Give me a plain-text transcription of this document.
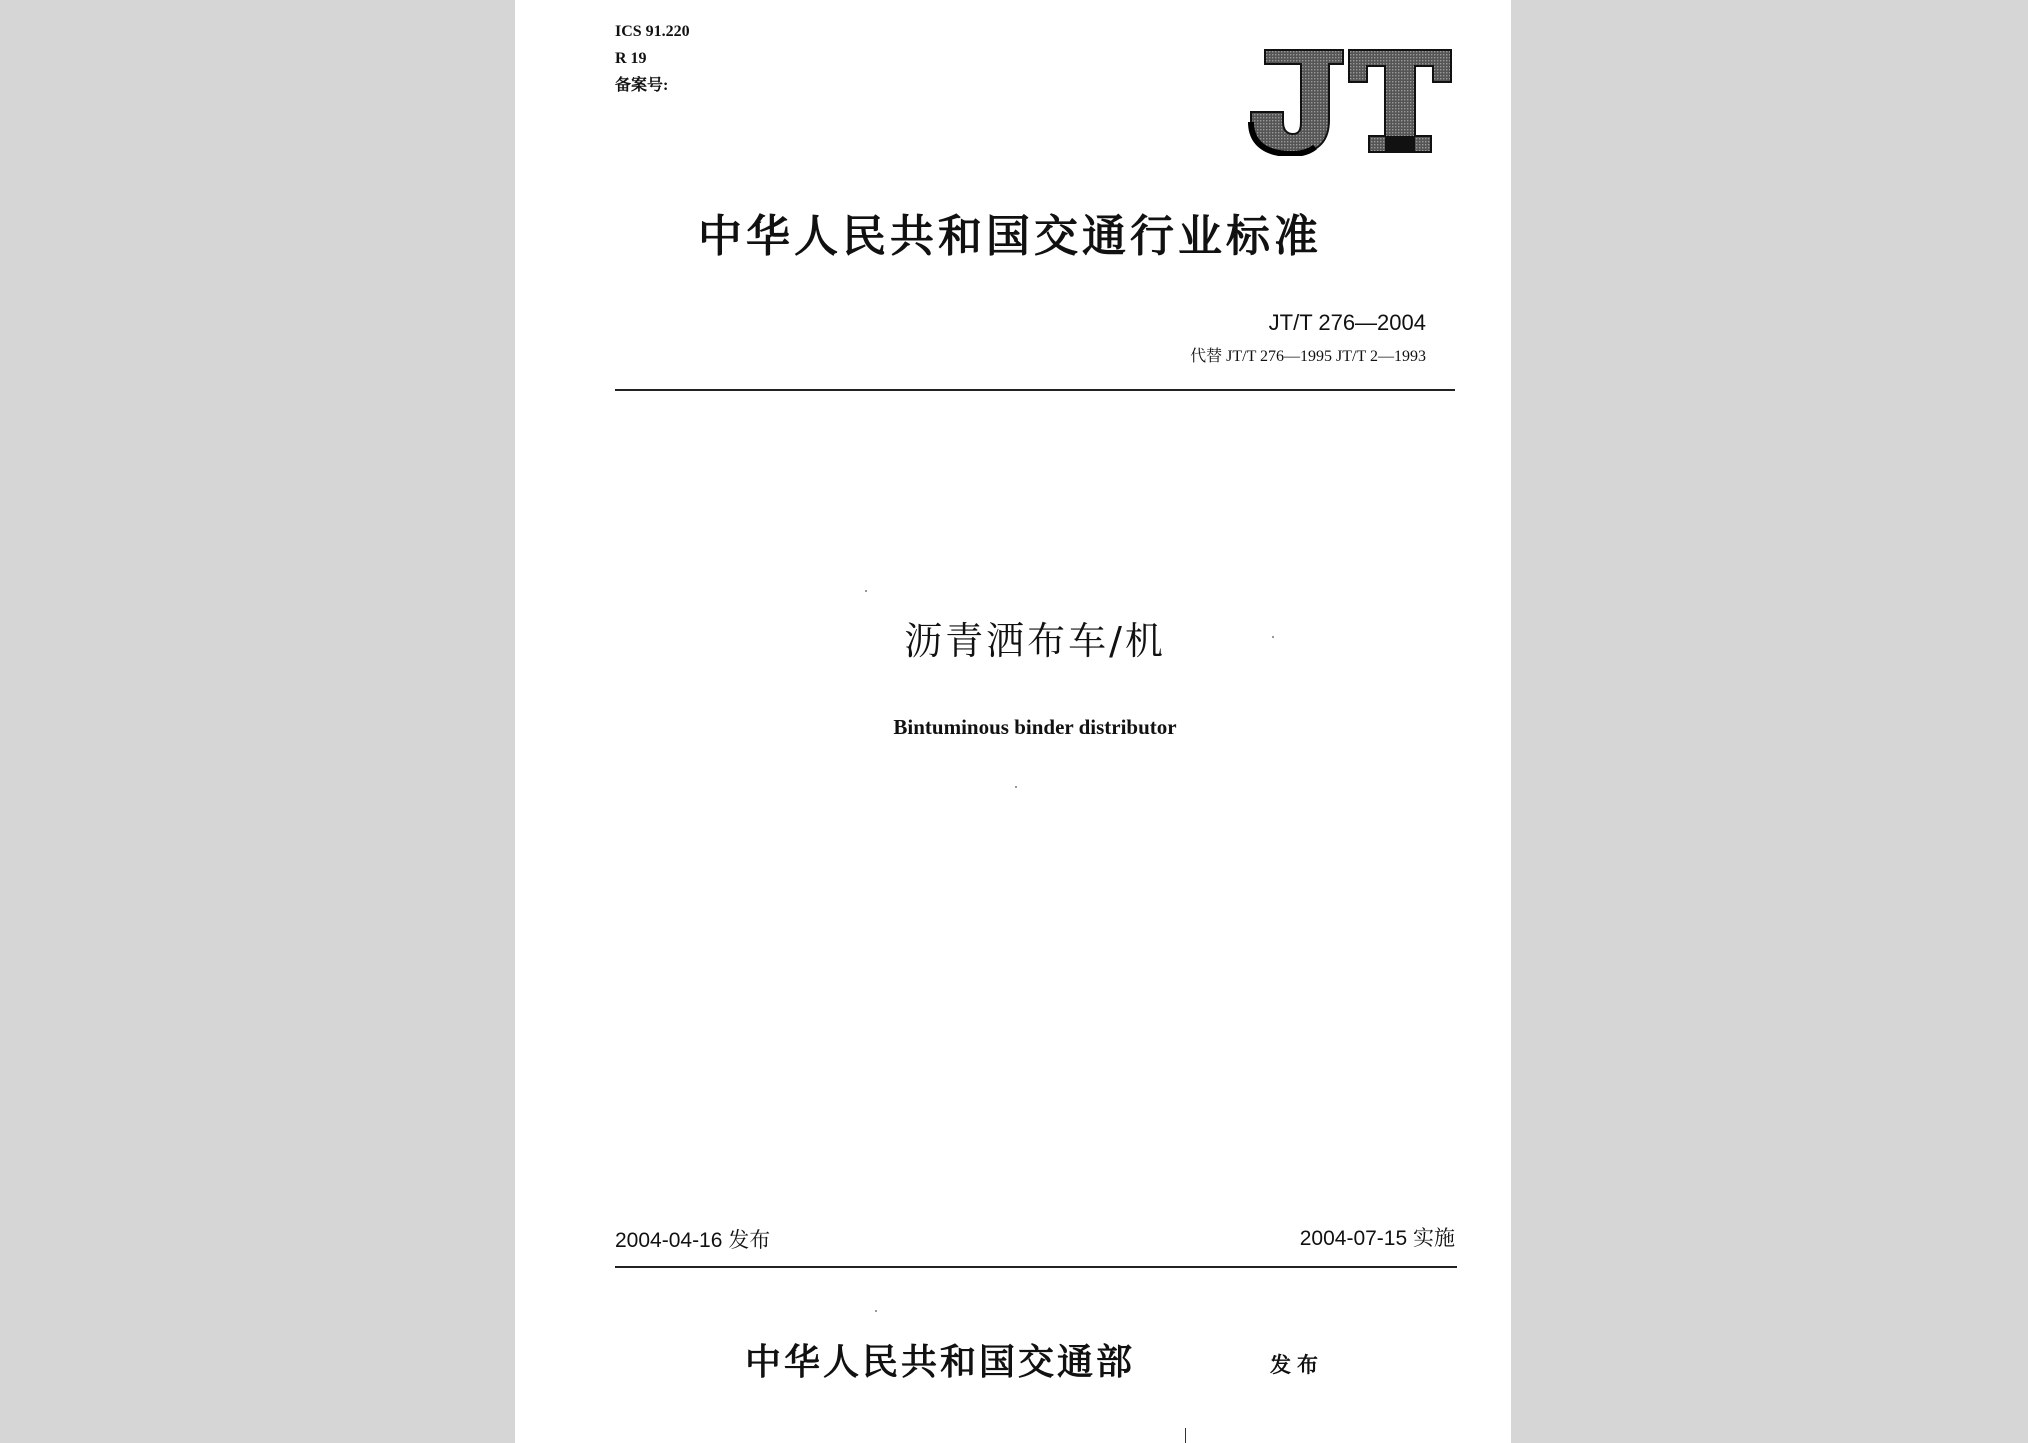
ICS 91.220
R 19
备案号:
中华人民共和国交通行业标准
JT/T 276—2004
代替 JT/T 276—1995 JT/T 2—1993
沥青洒布车/机
Bintuminous binder distributor
2004-04-16 发布	2004-07-15 实施
中华人民共和国交通部	发布
